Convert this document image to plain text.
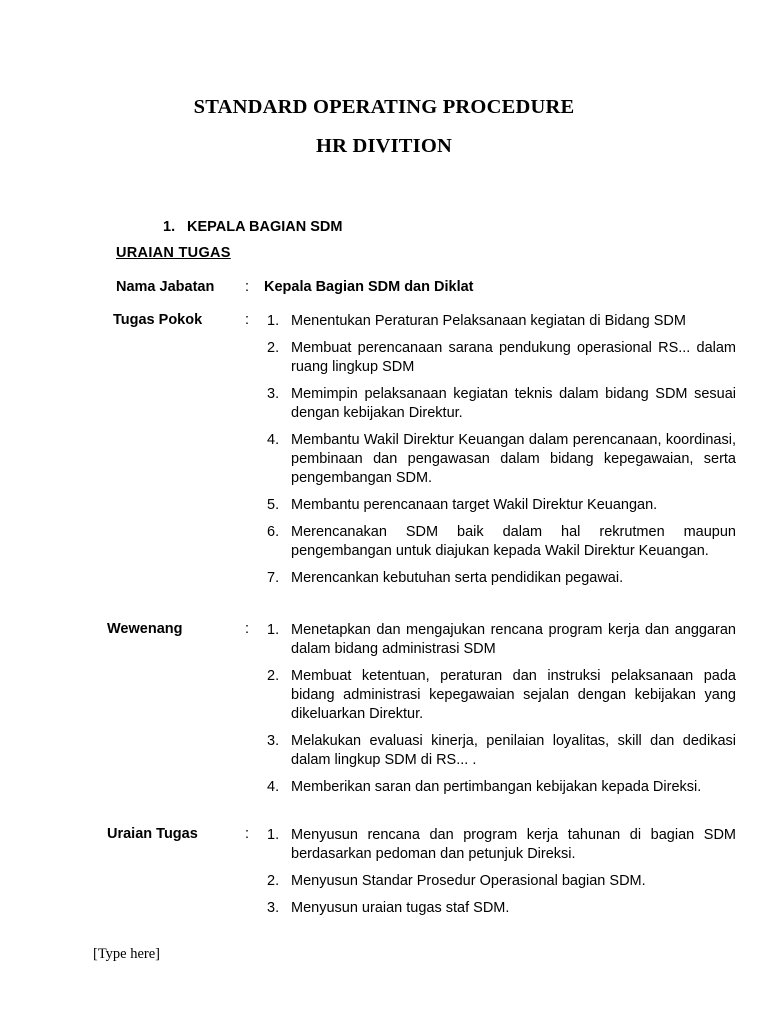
STANDARD OPERATING PROCEDURE
HR DIVITION
1. KEPALA BAGIAN SDM
URAIAN TUGAS
Nama Jabatan : Kepala Bagian SDM dan Diklat
Tugas Pokok	: 1. Menentukan Peraturan Pelaksanaan kegiatan di Bidang SDM
2. Membuat perencanaan sarana pendukung operasional RS... dalam ruang lingkup SDM
3. Memimpin pelaksanaan kegiatan teknis dalam bidang SDM sesuai dengan kebijakan Direktur.
4. Membantu Wakil Direktur Keuangan dalam perencanaan, koordinasi, pembinaan dan pengawasan dalam bidang kepegawaian, serta pengembangan SDM.
5. Membantu perencanaan target Wakil Direktur Keuangan.
6. Merencanakan SDM baik dalam hal rekrutmen maupun pengembangan untuk diajukan kepada Wakil Direktur Keuangan.
7. Merencankan kebutuhan serta pendidikan pegawai.
Wewenang	: 1. Menetapkan dan mengajukan rencana program kerja dan anggaran dalam bidang administrasi SDM
2. Membuat ketentuan, peraturan dan instruksi pelaksanaan pada bidang administrasi kepegawaian sejalan dengan kebijakan yang dikeluarkan Direktur.
3. Melakukan evaluasi kinerja, penilaian loyalitas, skill dan dedikasi dalam lingkup SDM di RS... .
4. Memberikan saran dan pertimbangan kebijakan kepada Direksi.
Uraian Tugas	: 1. Menyusun rencana dan program kerja tahunan di bagian SDM berdasarkan pedoman dan petunjuk Direksi.
2. Menyusun Standar Prosedur Operasional bagian SDM.
3. Menyusun uraian tugas staf SDM.
[Type here]
